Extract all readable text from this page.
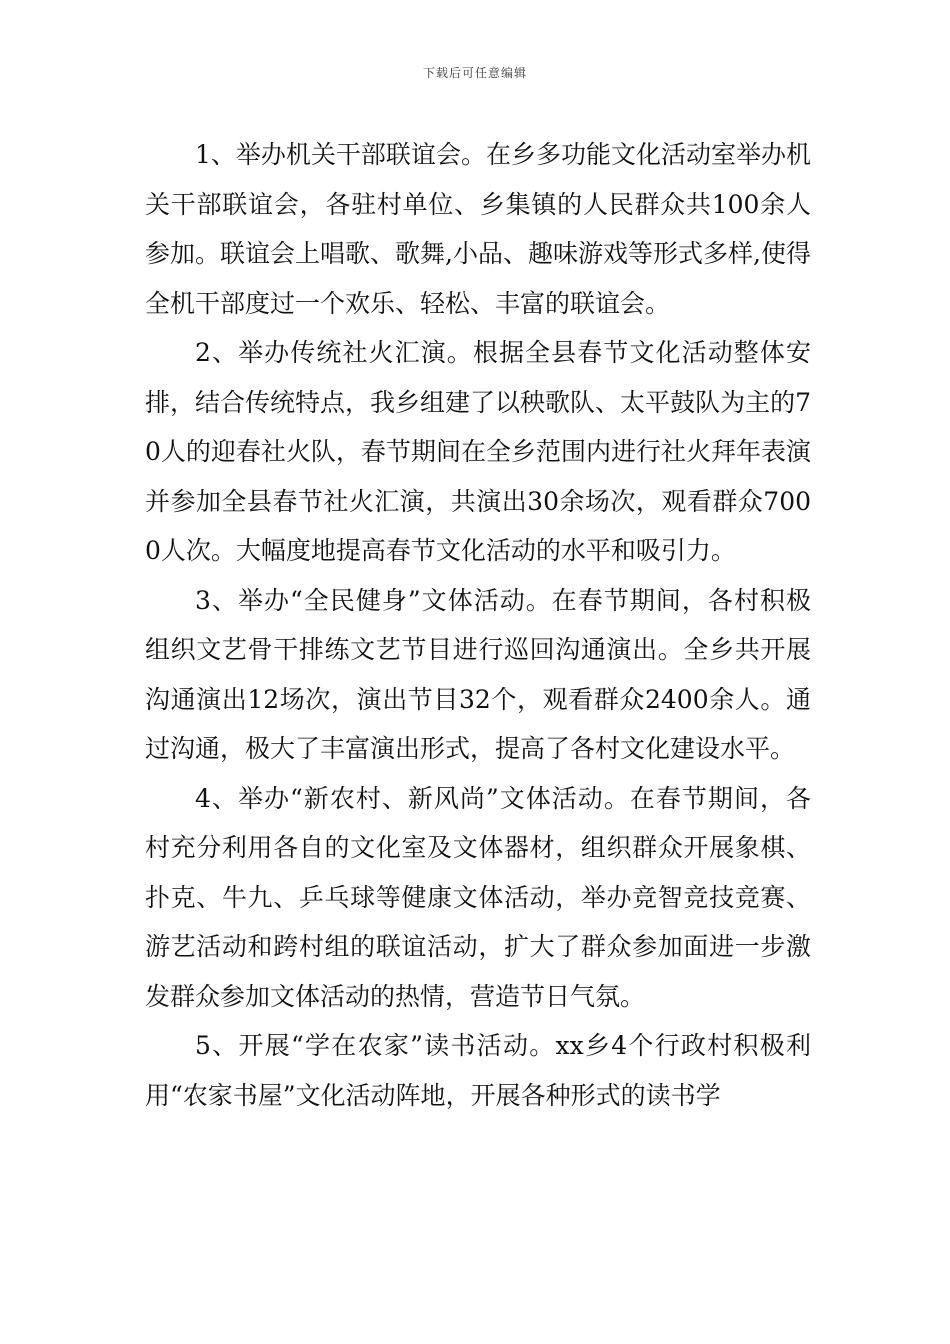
下载后可任意编辑

1、举办机关干部联谊会。在乡多功能文化活动室举办机关干部联谊会，各驻村单位、乡集镇的人民群众共100余人参加。联谊会上唱歌、歌舞,小品、趣味游戏等形式多样,使得全机干部度过一个欢乐、轻松、丰富的联谊会。

2、举办传统社火汇演。根据全县春节文化活动整体安排，结合传统特点，我乡组建了以秧歌队、太平鼓队为主的70人的迎春社火队，春节期间在全乡范围内进行社火拜年表演并参加全县春节社火汇演，共演出30余场次，观看群众7000人次。大幅度地提高春节文化活动的水平和吸引力。

3、举办“全民健身”文体活动。在春节期间，各村积极组织文艺骨干排练文艺节目进行巡回沟通演出。全乡共开展沟通演出12场次，演出节目32个，观看群众2400余人。通过沟通，极大了丰富演出形式，提高了各村文化建设水平。

4、举办“新农村、新风尚”文体活动。在春节期间，各村充分利用各自的文化室及文体器材，组织群众开展象棋、扑克、牛九、乒乓球等健康文体活动，举办竞智竞技竞赛、游艺活动和跨村组的联谊活动，扩大了群众参加面进一步激发群众参加文体活动的热情，营造节日气氛。

5、开展“学在农家”读书活动。xx乡4个行政村积极利用“农家书屋”文化活动阵地，开展各种形式的读书学
